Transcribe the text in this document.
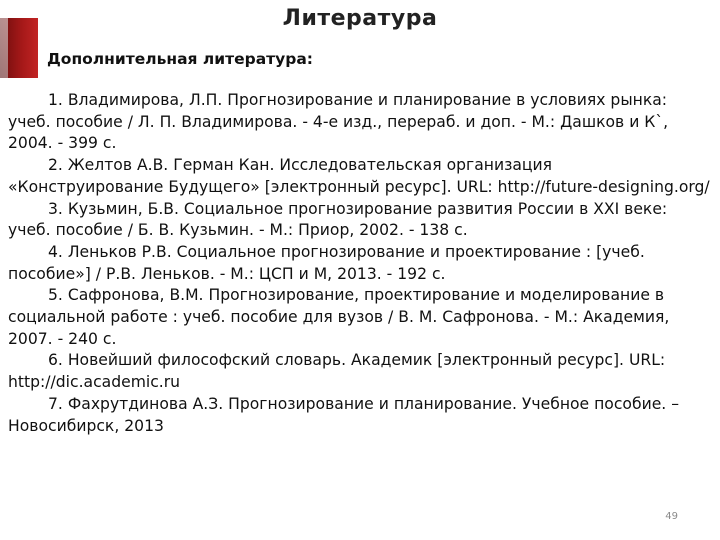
Литература
Дополнительная литература:

1. Владимирова, Л.П. Прогнозирование и планирование в условиях рынка: учеб. пособие / Л. П. Владимирова. - 4-е изд., перераб. и доп. - М.: Дашков и К`, 2004. - 399 с.

2. Желтов А.В. Герман Кан. Исследовательская организация «Конструирование Будущего» [электронный ресурс]. URL: http://future-designing.org/

3. Кузьмин, Б.В. Социальное прогнозирование развития России в XXI веке: учеб. пособие / Б. В. Кузьмин. - М.: Приор, 2002. - 138 с.

4. Леньков Р.В. Социальное прогнозирование и проектирование : [учеб. пособие»] / Р.В. Леньков. - М.: ЦСП и М, 2013. - 192 с.

5. Сафронова, В.М. Прогнозирование, проектирование и моделирование в социальной работе : учеб. пособие для вузов / В. М. Сафронова. - М.: Академия, 2007. - 240 с.

6. Новейший философский словарь. Академик [электронный ресурс]. URL: http://dic.academic.ru

7. Фахрутдинова А.З. Прогнозирование и планирование. Учебное пособие. – Новосибирск, 2013

49
